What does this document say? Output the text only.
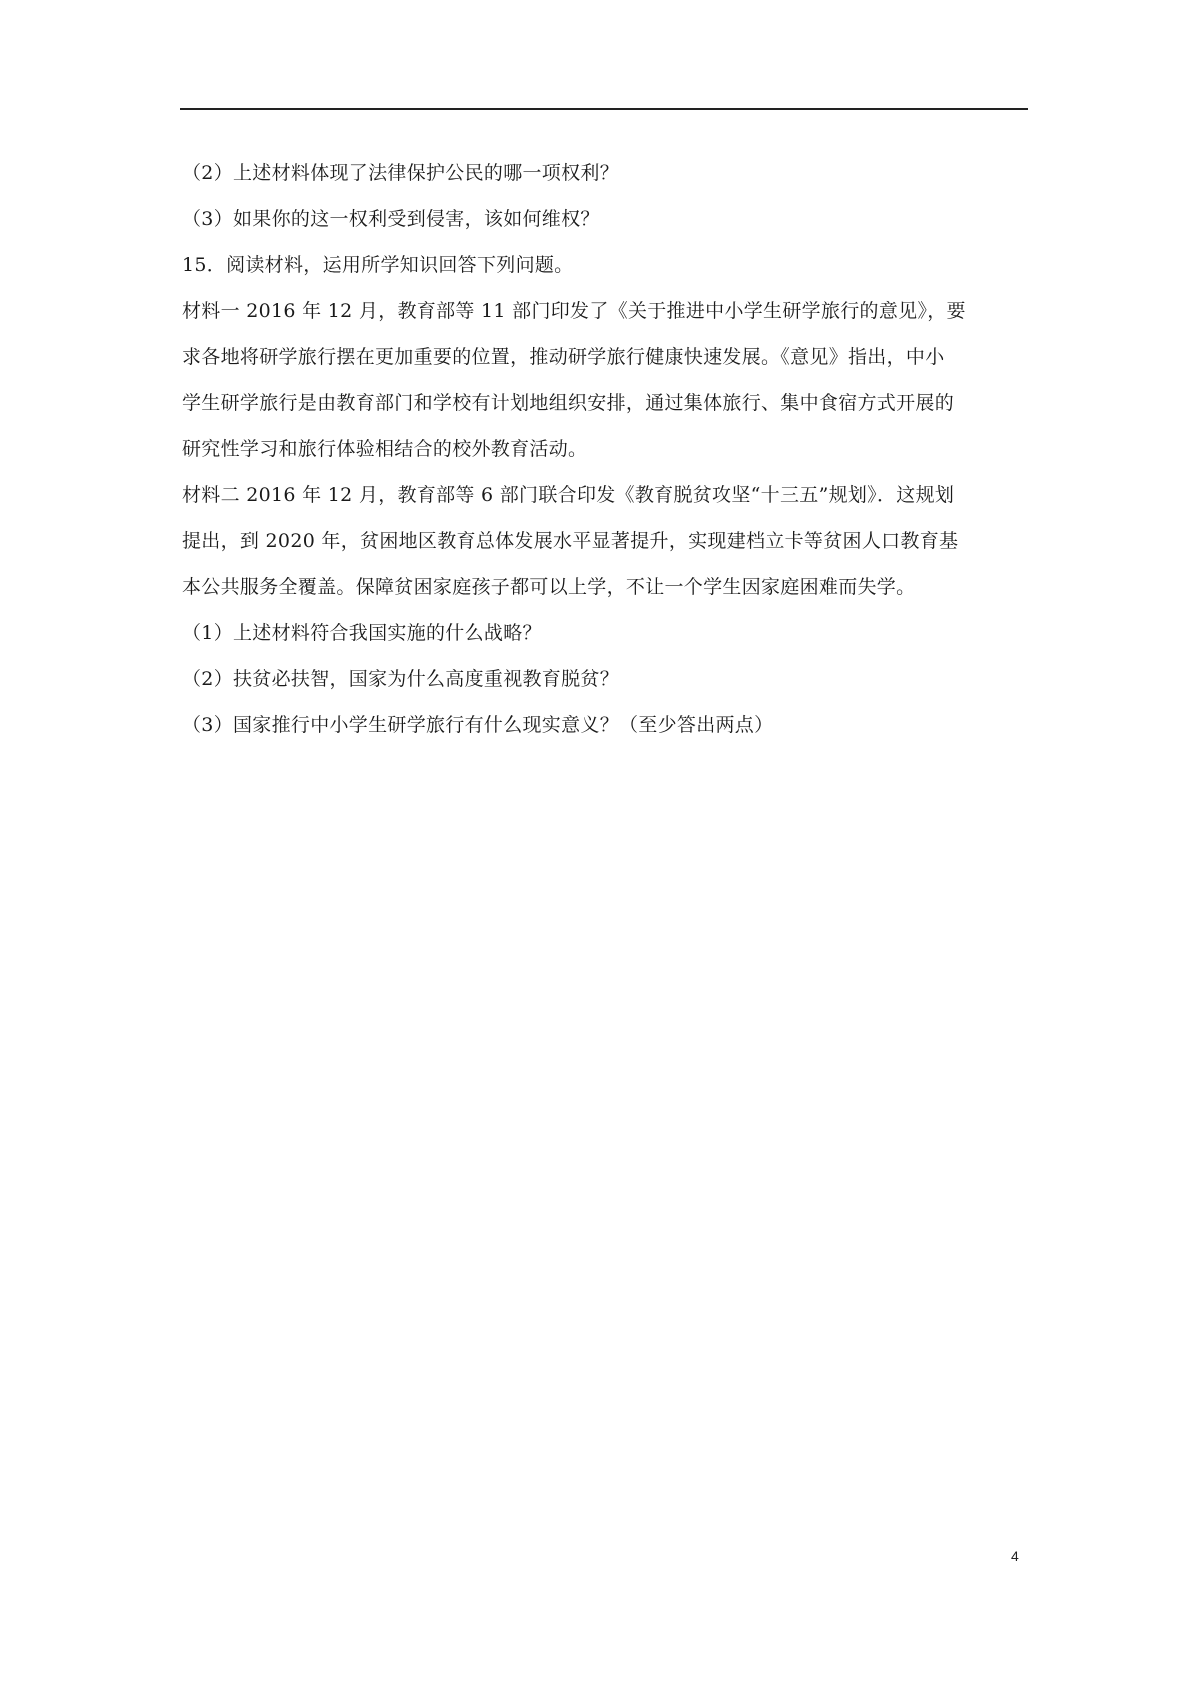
（2）上述材料体现了法律保护公民的哪一项权利？
（3）如果你的这一权利受到侵害，该如何维权？
15．阅读材料，运用所学知识回答下列问题。
材料一 2016 年 12 月，教育部等 11 部门印发了《关于推进中小学生研学旅行的意见》，要
求各地将研学旅行摆在更加重要的位置，推动研学旅行健康快速发展。《意见》指出，中小
学生研学旅行是由教育部门和学校有计划地组织安排，通过集体旅行、集中食宿方式开展的
研究性学习和旅行体验相结合的校外教育活动。
材料二 2016 年 12 月，教育部等 6 部门联合印发《教育脱贫攻坚“十三五”规划》．这规划
提出，到 2020 年，贫困地区教育总体发展水平显著提升，实现建档立卡等贫困人口教育基
本公共服务全覆盖。保障贫困家庭孩子都可以上学，不让一个学生因家庭困难而失学。
（1）上述材料符合我国实施的什么战略？
（2）扶贫必扶智，国家为什么高度重视教育脱贫？
（3）国家推行中小学生研学旅行有什么现实意义？（至少答出两点）
4
